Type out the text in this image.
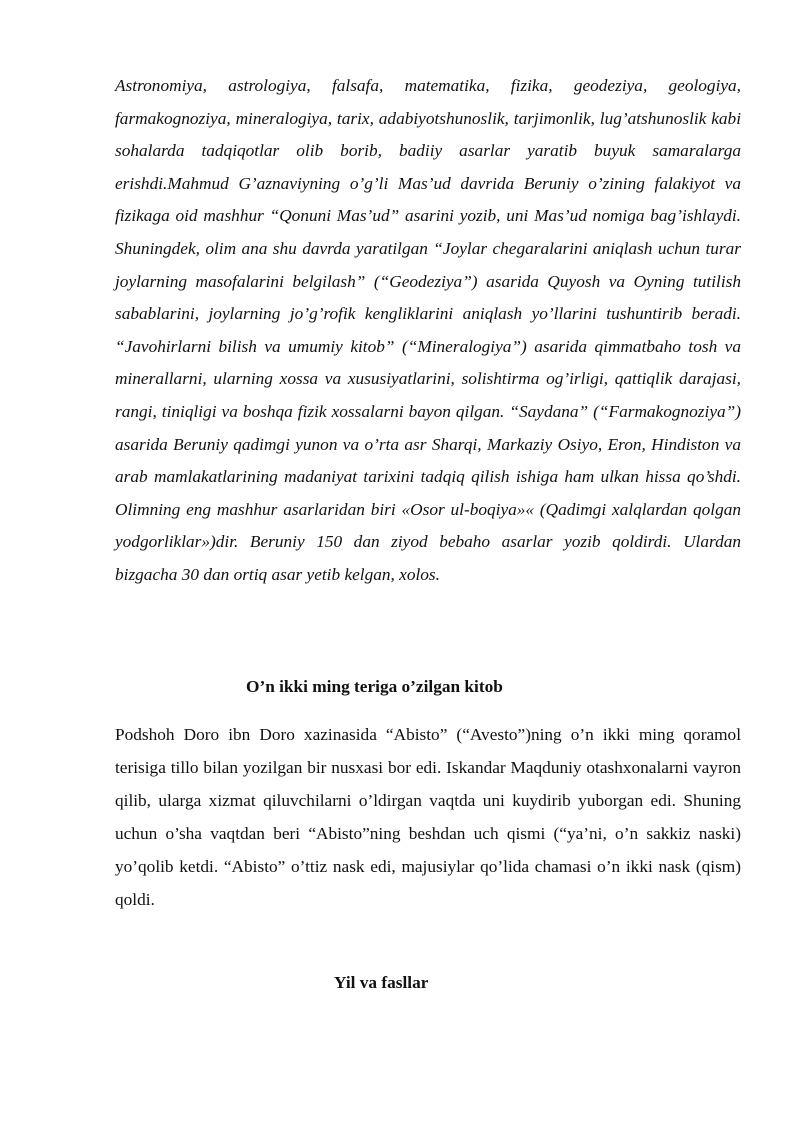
Astronomiya, astrologiya, falsafa, matematika, fizika, geodeziya, geologiya, farmakognoziya, mineralogiya, tarix, adabiyotshunoslik, tarjimonlik, lug’atshunoslik kabi sohalarda tadqiqotlar olib borib, badiiy asarlar yaratib buyuk samaralarga erishdi.Mahmud G’aznaviyning o’g’li Mas’ud davrida Beruniy o’zining falakiyot va fizikaga oid mashhur “Qonuni Mas’ud” asarini yozib, uni Mas’ud nomiga bag’ishlaydi. Shuningdek, olim ana shu davrda yaratilgan “Joylar chegaralarini aniqlash uchun turar joylarning masofalarini belgilash” (“Geodeziya”) asarida Quyosh va Oyning tutilish sabablarini, joylarning jo’g’rofik kengliklarini aniqlash yo’llarini tushuntirib beradi. “Javohirlarni bilish va umumiy kitob” (“Mineralogiya”) asarida qimmatbaho tosh va minerallarni, ularning xossa va xususiyatlarini, solishtirma og’irligi, qattiqlik darajasi, rangi, tiniqligi va boshqa fizik xossalarni bayon qilgan. “Saydana” (“Farmakognoziya”) asarida Beruniy qadimgi yunon va o’rta asr Sharqi, Markaziy Osiyo, Eron, Hindiston va arab mamlakatlarining madaniyat tarixini tadqiq qilish ishiga ham ulkan hissa qo’shdi. Olimning eng mashhur asarlaridan biri «Osor ul-boqiya»« (Qadimgi xalqlardan qolgan yodgorliklar»)dir. Beruniy 150 dan ziyod bebaho asarlar yozib qoldirdi. Ulardan bizgacha 30 dan ortiq asar yetib kelgan, xolos.

O’n ikki ming teriga o’zilgan kitob

Podshoh Doro ibn Doro xazinasida “Abisto” (“Avesto”)ning o’n ikki ming qoramol terisiga tillo bilan yozilgan bir nusxasi bor edi. Iskandar Maqduniy otashxonalarni vayron qilib, ularga xizmat qiluvchilarni o’ldirgan vaqtda uni kuydirib yuborgan edi. Shuning uchun o’sha vaqtdan beri “Abisto”ning beshdan uch qismi (“ya’ni, o’n sakkiz naski) yo’qolib ketdi. “Abisto” o’ttiz nask edi, majusiylar qo’lida chamasi o’n ikki nask (qism) qoldi.

Yil va fasllar
